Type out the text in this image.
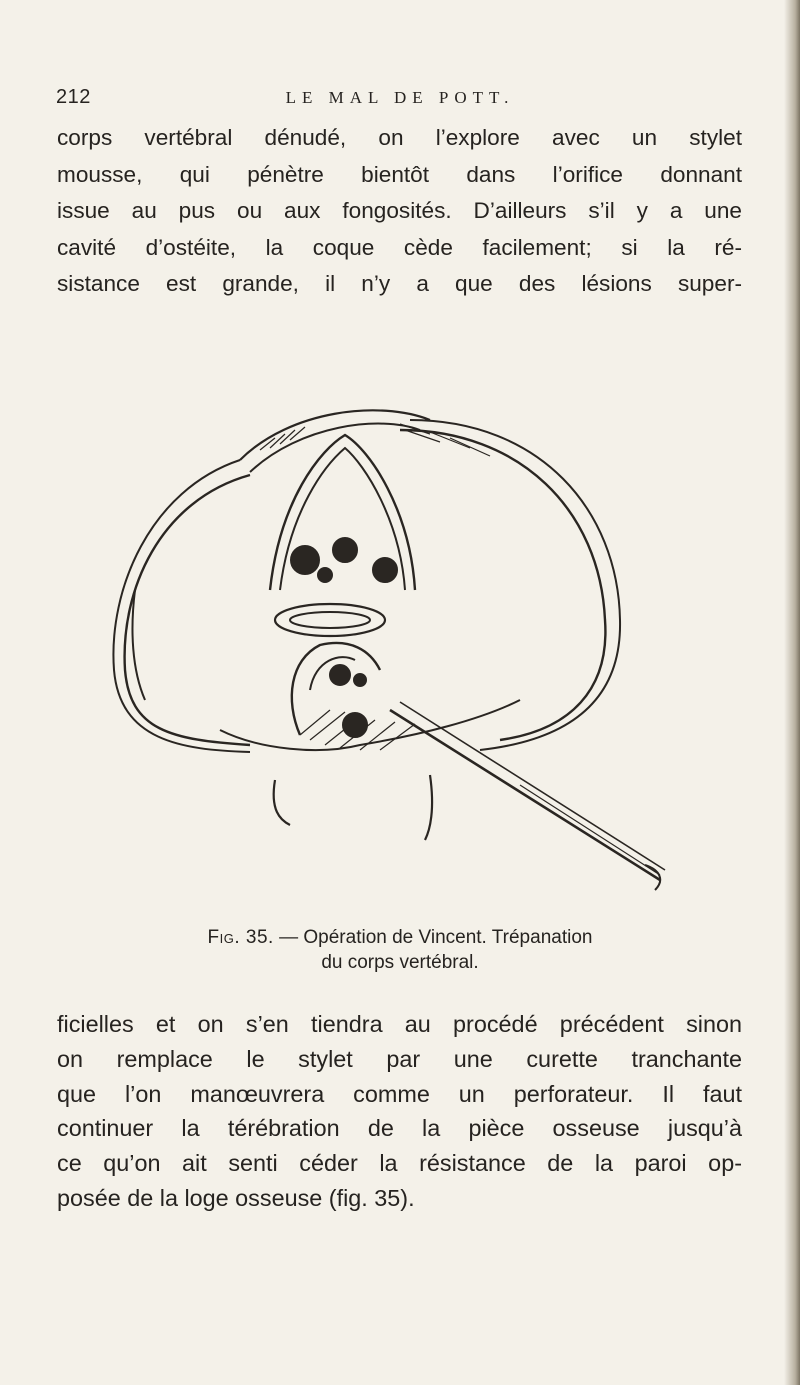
212	LE MAL DE POTT.
corps vertébral dénudé, on l’explore avec un stylet
mousse, qui pénètre bientôt dans l’orifice donnant
issue au pus ou aux fongosités. D’ailleurs s’il y a une
cavité d’ostéite, la coque cède facilement; si la ré-
sistance est grande, il n’y a que des lésions super-
Fig. 35. — Opération de Vincent. Trépanation
du corps vertébral.
ficielles et on s’en tiendra au procédé précédent sinon
on remplace le stylet par une curette tranchante
que l’on manœuvrera comme un perforateur. Il faut
continuer la térébration de la pièce osseuse jusqu’à
ce qu’on ait senti céder la résistance de la paroi op-
posée de la loge osseuse (fig. 35).
